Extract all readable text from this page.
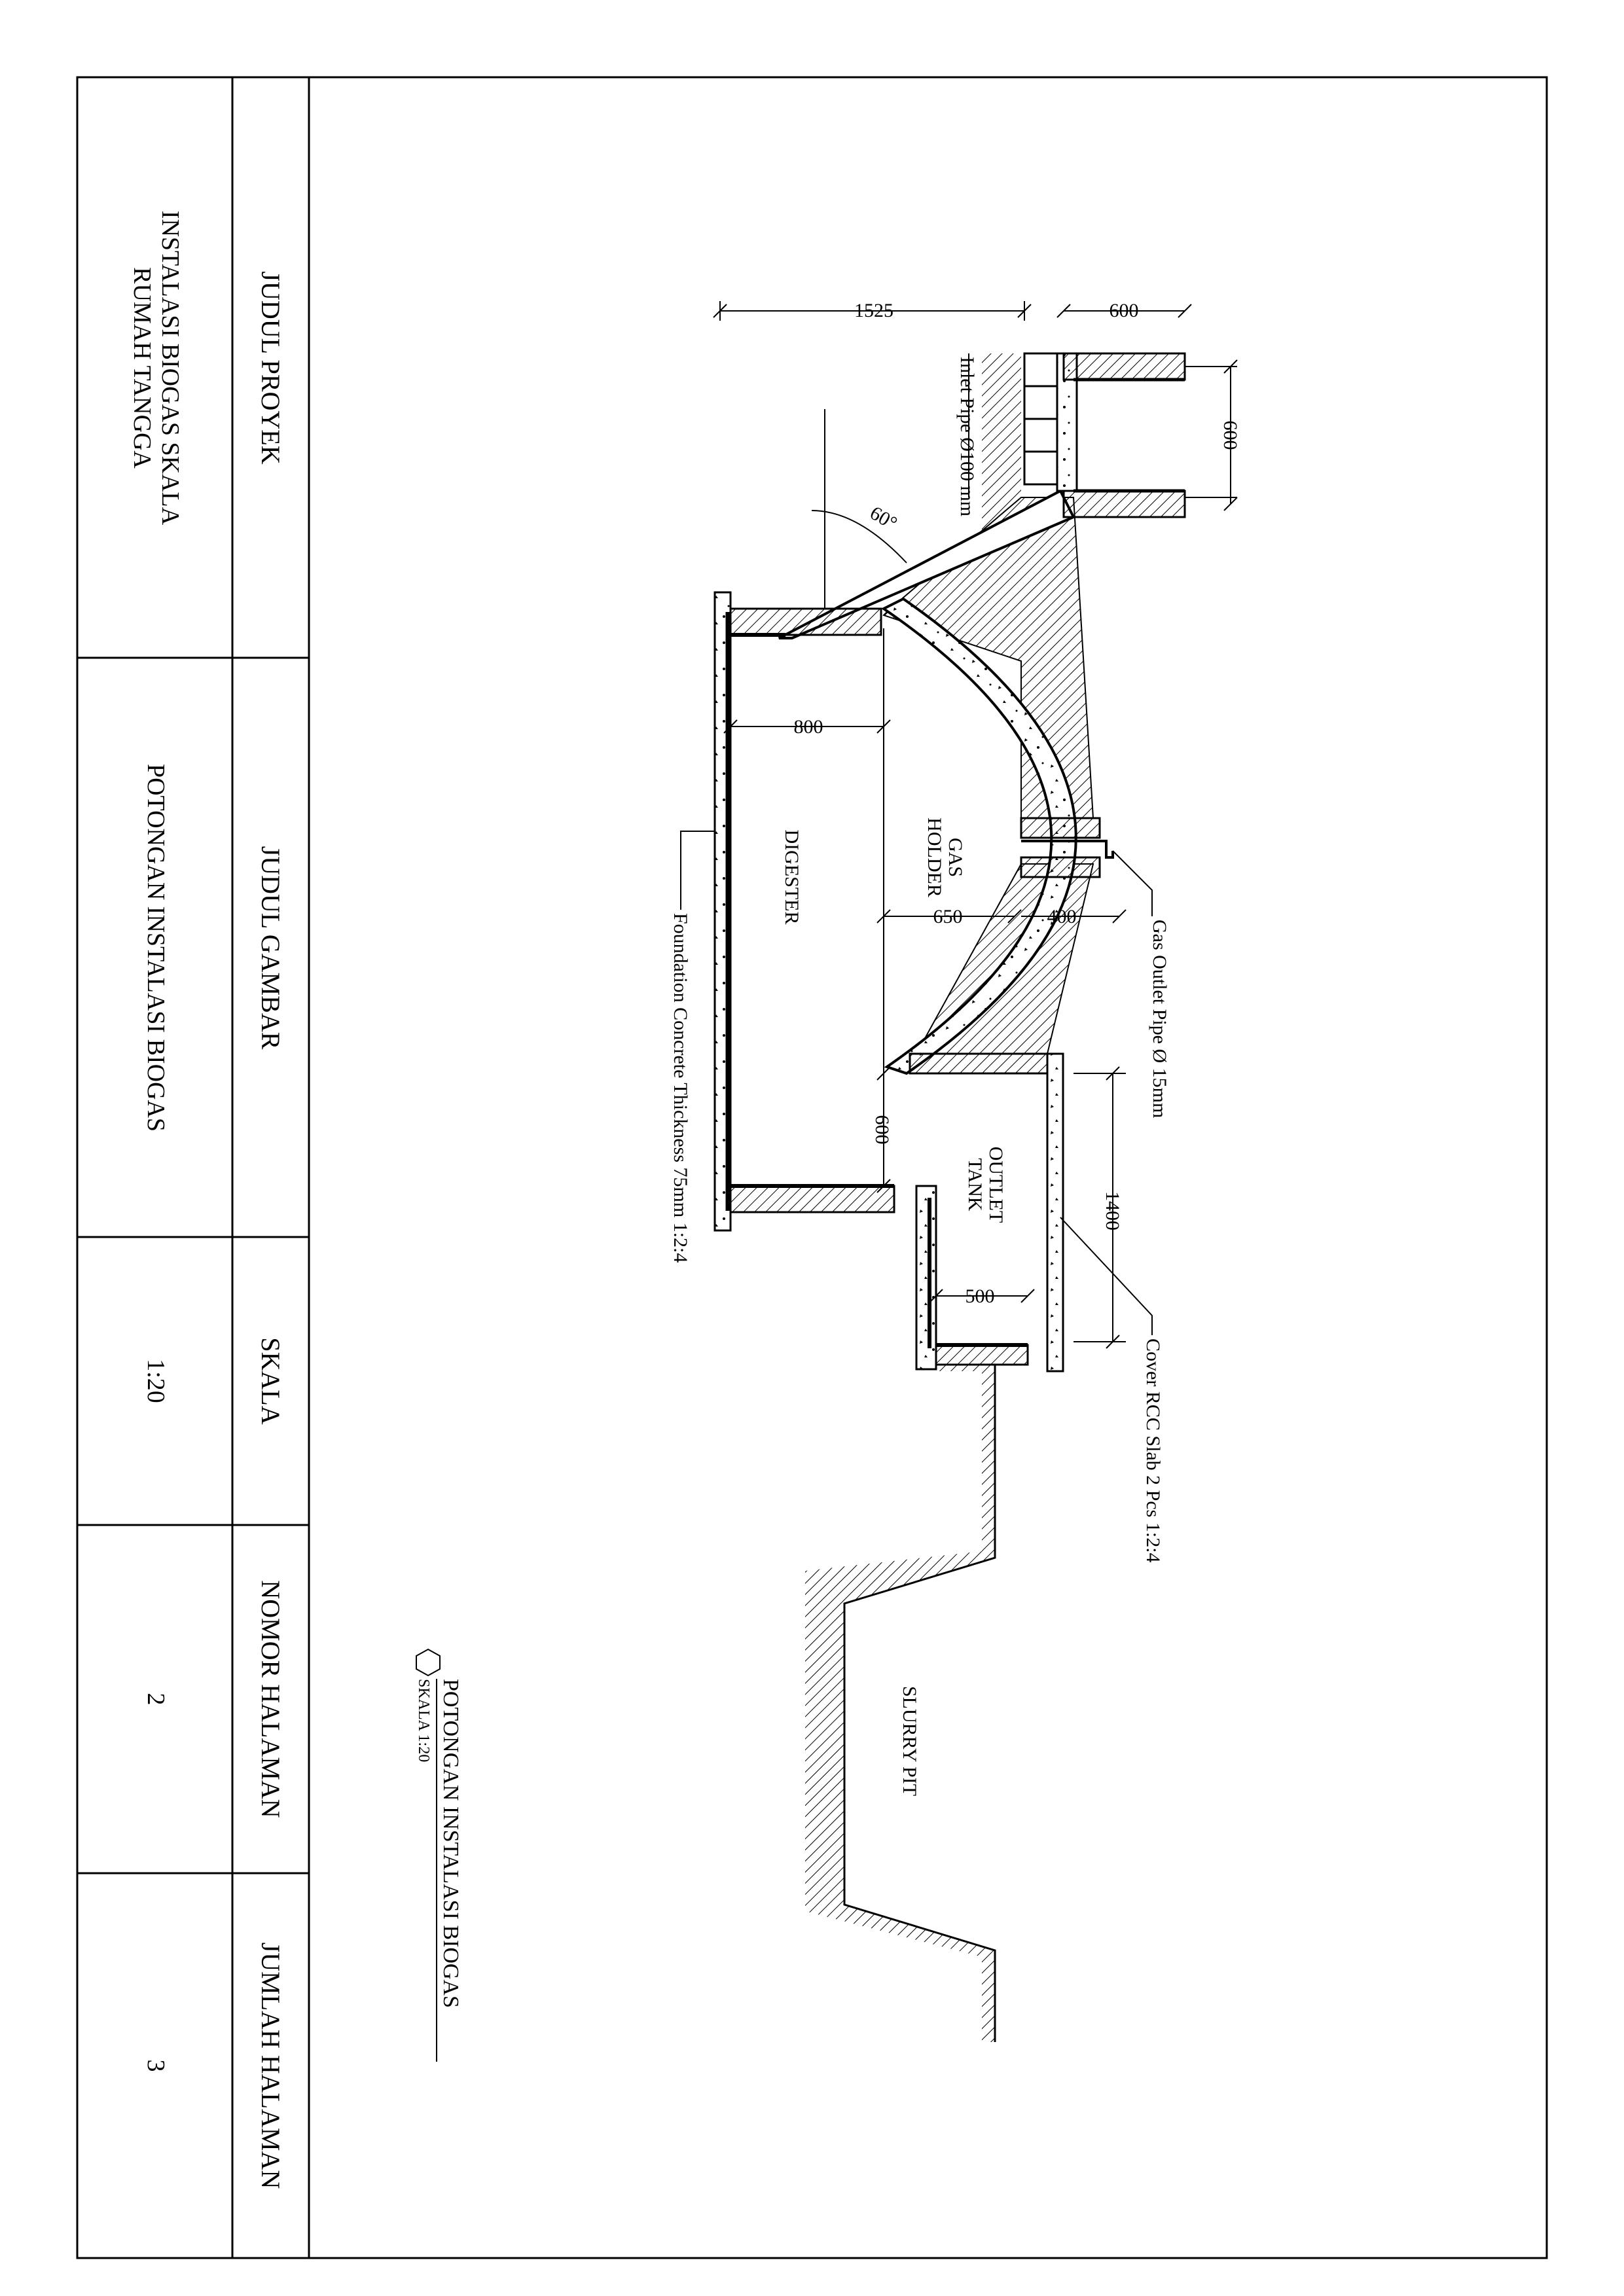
JUDUL PROYEK
INSTALASI BIOGAS SKALA
RUMAH TANGGA
JUDUL GAMBAR
POTONGAN INSTALASI BIOGAS
SKALA
1:20
NOMOR HALAMAN
2
JUMLAH HALAMAN
3
1525	600
600
800
650	400
600
1400
500
60°
Inlet Pipe Ø100 mm
GAS
HOLDER
DIGESTER
Gas Outlet Pipe Ø 15mm
OUTLET
TANK
Foundation Concrete Thickness 75mm 1:2:4
Cover RCC Slab 2 Pcs 1:2:4
SLURRY PIT
POTONGAN INSTALASI BIOGAS
SKALA 1:20
